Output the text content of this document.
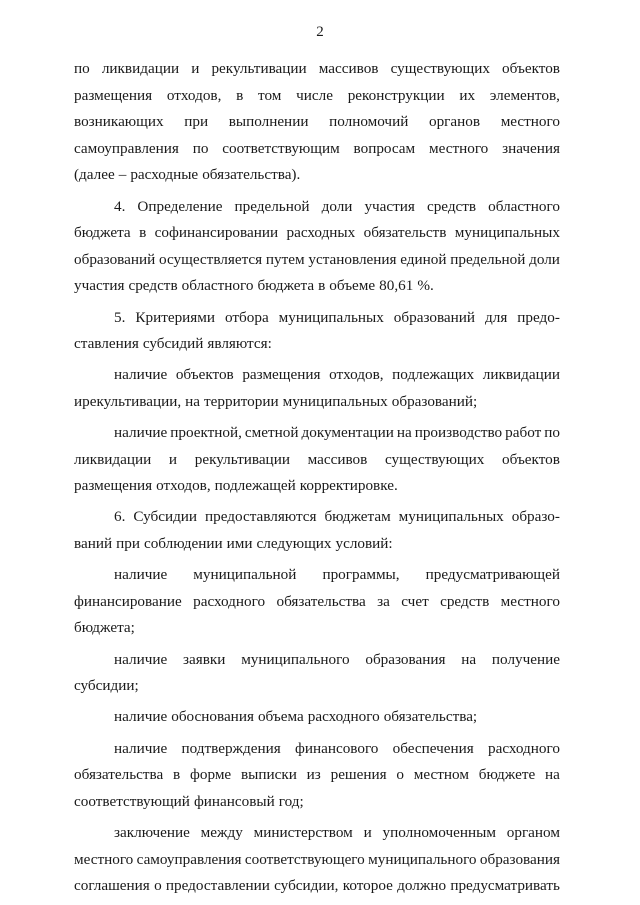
2
по ликвидации и рекультивации массивов существующих объектов
размещения отходов, в том числе реконструкции их элементов,
возникающих при выполнении полномочий органов местного
самоуправления по соответствующим вопросам местного значения
(далее – расходные обязательства).
4. Определение предельной доли участия средств областного
бюджета в софинансировании расходных обязательств муниципальных
образований осуществляется путем установления единой предельной доли
участия средств областного бюджета в объеме 80,61 %.
5. Критериями отбора муниципальных образований для предо-
ставления субсидий являются:
наличие объектов размещения отходов, подлежащих ликвидации
ирекультивации, на территории муниципальных образований;
наличие проектной, сметной документации на производство работ по
ликвидации и рекультивации массивов существующих объектов
размещения отходов, подлежащей корректировке.
6. Субсидии предоставляются бюджетам муниципальных образо-
ваний при соблюдении ими следующих условий:
наличие муниципальной программы, предусматривающей
финансирование расходного обязательства за счет средств местного
бюджета;
наличие заявки муниципального образования на получение
субсидии;
наличие обоснования объема расходного обязательства;
наличие подтверждения финансового обеспечения расходного
обязательства в форме выписки из решения о местном бюджете на
соответствующий финансовый год;
заключение между министерством и уполномоченным органом
местного самоуправления соответствующего муниципального образования
соглашения о предоставлении субсидии, которое должно предусматривать
